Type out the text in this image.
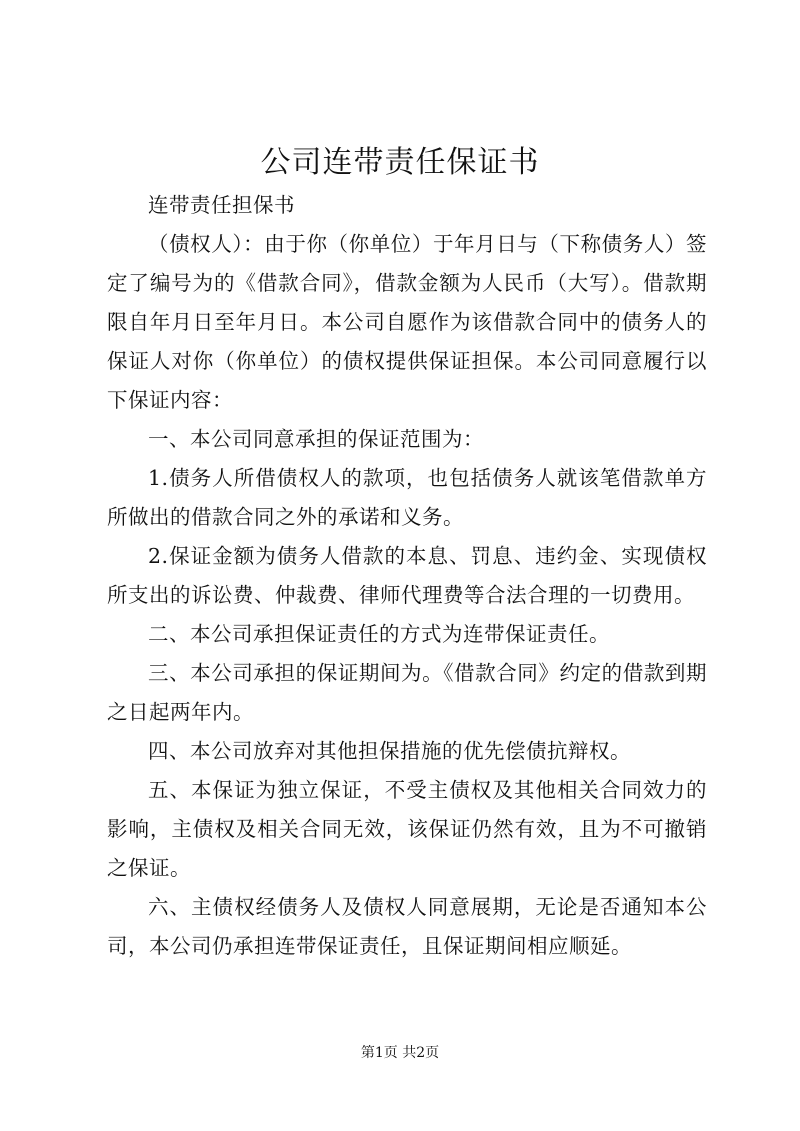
公司连带责任保证书

连带责任担保书

（债权人）：由于你（你单位）于年月日与（下称债务人）签定了编号为的《借款合同》，借款金额为人民币（大写）。借款期限自年月日至年月日。本公司自愿作为该借款合同中的债务人的保证人对你（你单位）的债权提供保证担保。本公司同意履行以下保证内容：

一、本公司同意承担的保证范围为：

1.债务人所借债权人的款项，也包括债务人就该笔借款单方所做出的借款合同之外的承诺和义务。

2.保证金额为债务人借款的本息、罚息、违约金、实现债权所支出的诉讼费、仲裁费、律师代理费等合法合理的一切费用。

二、本公司承担保证责任的方式为连带保证责任。

三、本公司承担的保证期间为。《借款合同》约定的借款到期之日起两年内。

四、本公司放弃对其他担保措施的优先偿债抗辩权。

五、本保证为独立保证，不受主债权及其他相关合同效力的影响，主债权及相关合同无效，该保证仍然有效，且为不可撤销之保证。

六、主债权经债务人及债权人同意展期，无论是否通知本公司，本公司仍承担连带保证责任，且保证期间相应顺延。

第1页 共2页
